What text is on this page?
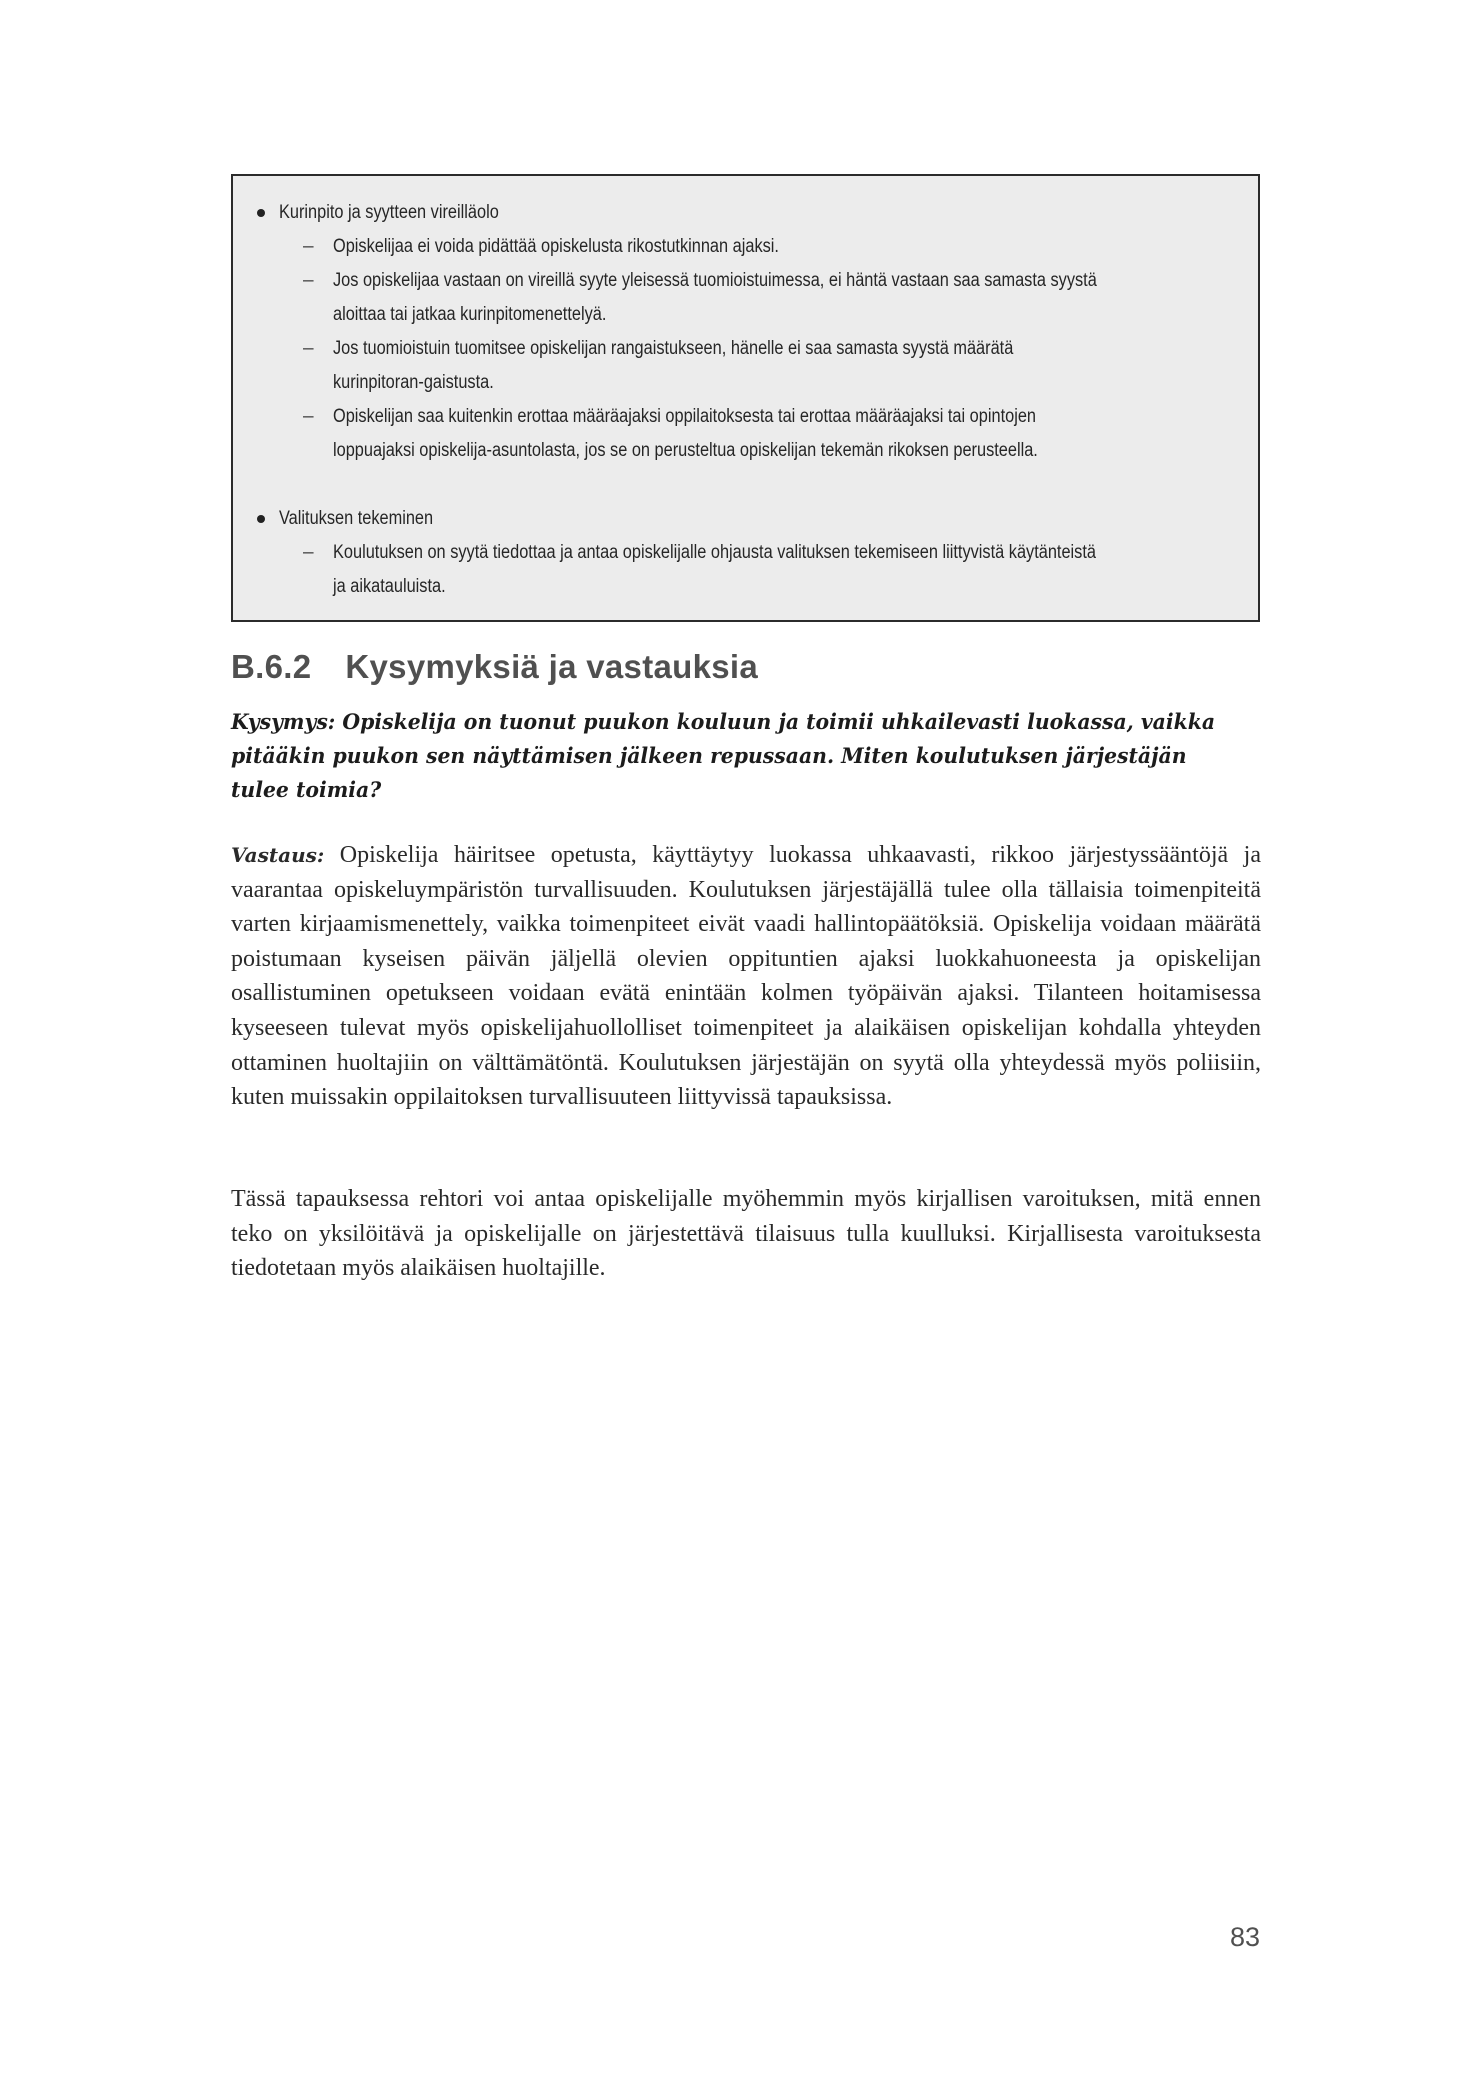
Kurinpito ja syytteen vireilläolo
–	Opiskelijaa ei voida pidättää opiskelusta rikostutkinnan ajaksi.
–	Jos opiskelijaa vastaan on vireillä syyte yleisessä tuomioistuimessa, ei häntä vastaan saa samasta syystä aloittaa tai jatkaa kurinpitomenettelyä.
–	Jos tuomioistuin tuomitsee opiskelijan rangaistukseen, hänelle ei saa samasta syystä määrätä kurinpitoran-gaistusta.
–	Opiskelijan saa kuitenkin erottaa määräajaksi oppilaitoksesta tai erottaa määräajaksi tai opintojen loppuajaksi opiskelija-asuntolasta, jos se on perusteltua opiskelijan tekemän rikoksen perusteella.
Valituksen tekeminen
–	Koulutuksen on syytä tiedottaa ja antaa opiskelijalle ohjausta valituksen tekemiseen liittyvistä käytänteistä ja aikatauluista.
B.6.2 Kysymyksiä ja vastauksia

Kysymys: Opiskelija on tuonut puukon kouluun ja toimii uhkailevasti luokassa, vaikka pitääkin puukon sen näyttämisen jälkeen repussaan. Miten koulutuksen järjestäjän tulee toimia?

Vastaus: Opiskelija häiritsee opetusta, käyttäytyy luokassa uhkaavasti, rikkoo järjestyssääntöjä ja vaarantaa opiskeluympäristön turvallisuuden. Koulutuksen järjestäjällä tulee olla tällaisia toimenpiteitä varten kirjaamismenettely, vaikka toimenpiteet eivät vaadi hallintopäätöksiä. Opiskelija voidaan määrätä poistumaan kyseisen päivän jäljellä olevien oppituntien ajaksi luokkahuoneesta ja opiskelijan osallistuminen opetukseen voidaan evätä enintään kolmen työpäivän ajaksi. Tilanteen hoitamisessa kyseeseen tulevat myös opiskelijahuollolliset toimenpiteet ja alaikäisen opiskelijan kohdalla yhteyden ottaminen huoltajiin on välttämätöntä. Koulutuksen järjestäjän on syytä olla yhteydessä myös poliisiin, kuten muissakin oppilaitoksen turvallisuuteen liittyvissä tapauksissa.

Tässä tapauksessa rehtori voi antaa opiskelijalle myöhemmin myös kirjallisen varoituksen, mitä ennen teko on yksilöitävä ja opiskelijalle on järjestettävä tilaisuus tulla kuulluksi. Kirjallisesta varoituksesta tiedotetaan myös alaikäisen huoltajille.

83
